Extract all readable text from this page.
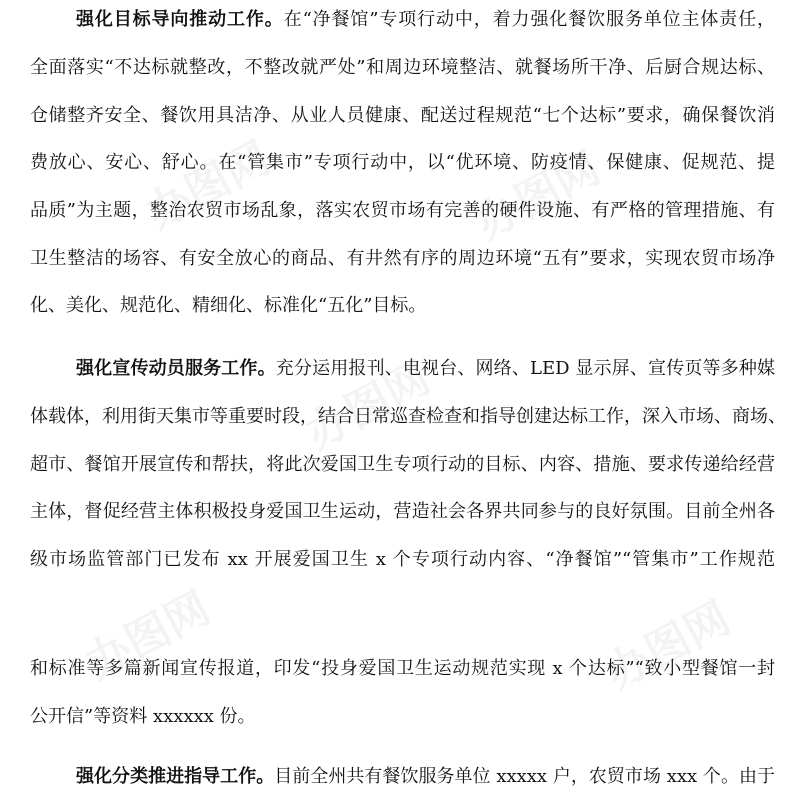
强化目标导向推动工作。在“净餐馆”专项行动中，着力强化餐饮服务单位主体责任，
全面落实“不达标就整改，不整改就严处”和周边环境整洁、就餐场所干净、后厨合规达标、
仓储整齐安全、餐饮用具洁净、从业人员健康、配送过程规范“七个达标”要求，确保餐饮消
费放心、安心、舒心。在“管集市”专项行动中，以“优环境、防疫情、保健康、促规范、提
品质”为主题，整治农贸市场乱象，落实农贸市场有完善的硬件设施、有严格的管理措施、有
卫生整洁的场容、有安全放心的商品、有井然有序的周边环境“五有”要求，实现农贸市场净
化、美化、规范化、精细化、标准化“五化”目标。
强化宣传动员服务工作。充分运用报刊、电视台、网络、LED 显示屏、宣传页等多种媒
体载体，利用街天集市等重要时段，结合日常巡查检查和指导创建达标工作，深入市场、商场、
超市、餐馆开展宣传和帮扶，将此次爱国卫生专项行动的目标、内容、措施、要求传递给经营
主体，督促经营主体积极投身爱国卫生运动，营造社会各界共同参与的良好氛围。目前全州各
级市场监管部门已发布 xx 开展爱国卫生 x 个专项行动内容、“净餐馆”“管集市”工作规范
和标准等多篇新闻宣传报道，印发“投身爱国卫生运动规范实现 x 个达标”“致小型餐馆一封
公开信”等资料 xxxxxx 份。
强化分类推进指导工作。目前全州共有餐饮服务单位 xxxxx 户，农贸市场 xxx 个。由于
